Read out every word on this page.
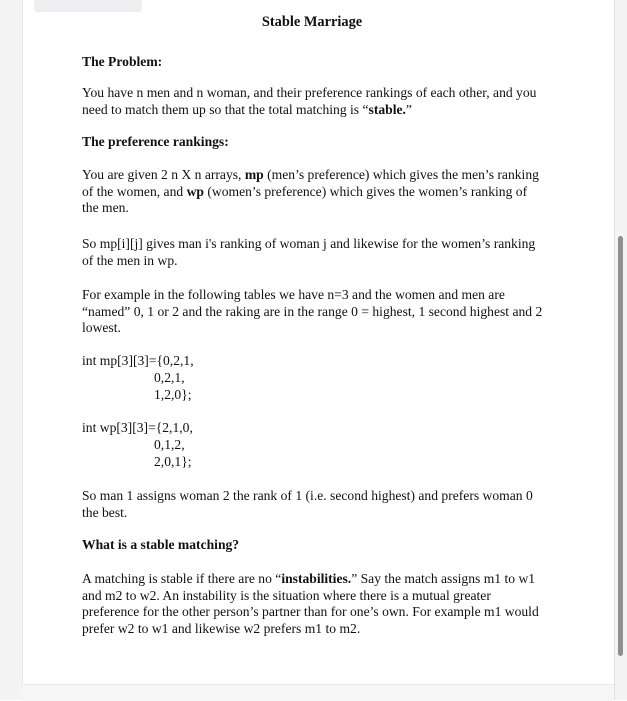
Stable Marriage
The Problem:
You have n men and n woman, and their preference rankings of each other, and you need to match them up so that the total matching is “stable.”
The preference rankings:
You are given 2 n X n arrays, mp (men’s preference) which gives the men’s ranking of the women, and wp (women’s preference) which gives the women’s ranking of the men.
So mp[i][j] gives man i's ranking of woman j and likewise for the women’s ranking of the men in wp.
For example in the following tables we have n=3 and the women and men are “named” 0, 1 or 2 and the raking are in the range 0 = highest, 1 second highest and 2 lowest.
int mp[3][3]={0,2,1,
0,2,1,
1,2,0};
int wp[3][3]={2,1,0,
0,1,2,
2,0,1};
So man 1 assigns woman 2 the rank of 1 (i.e. second highest) and prefers woman 0 the best.
What is a stable matching?
A matching is stable if there are no “instabilities.” Say the match assigns m1 to w1 and m2 to w2. An instability is the situation where there is a mutual greater preference for the other person’s partner than for one’s own. For example m1 would prefer w2 to w1 and likewise w2 prefers m1 to m2.
